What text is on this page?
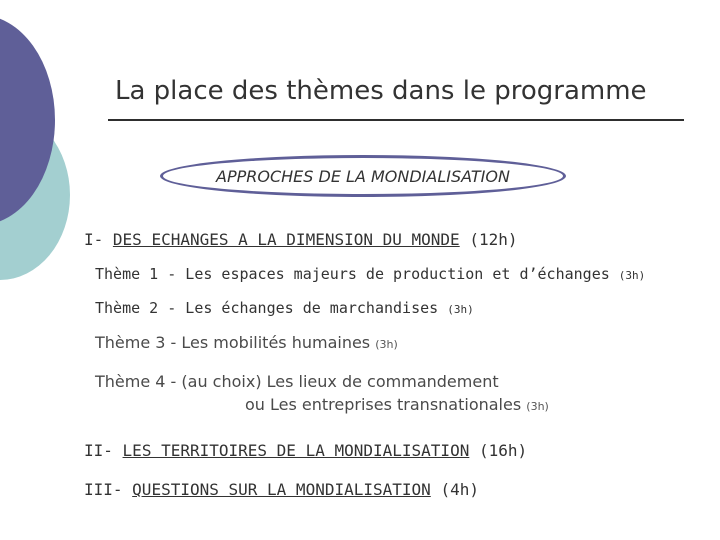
La place des thèmes dans le programme
APPROCHES DE LA MONDIALISATION
I- DES ECHANGES A LA DIMENSION DU MONDE (12h)
Thème 1 - Les espaces majeurs de production et d’échanges (3h)
Thème 2 - Les échanges de marchandises (3h)
Thème 3 - Les mobilités humaines (3h)
Thème 4 - (au choix) Les lieux de commandement
ou Les entreprises transnationales (3h)
II- LES TERRITOIRES DE LA MONDIALISATION (16h)
III- QUESTIONS SUR LA MONDIALISATION (4h)
